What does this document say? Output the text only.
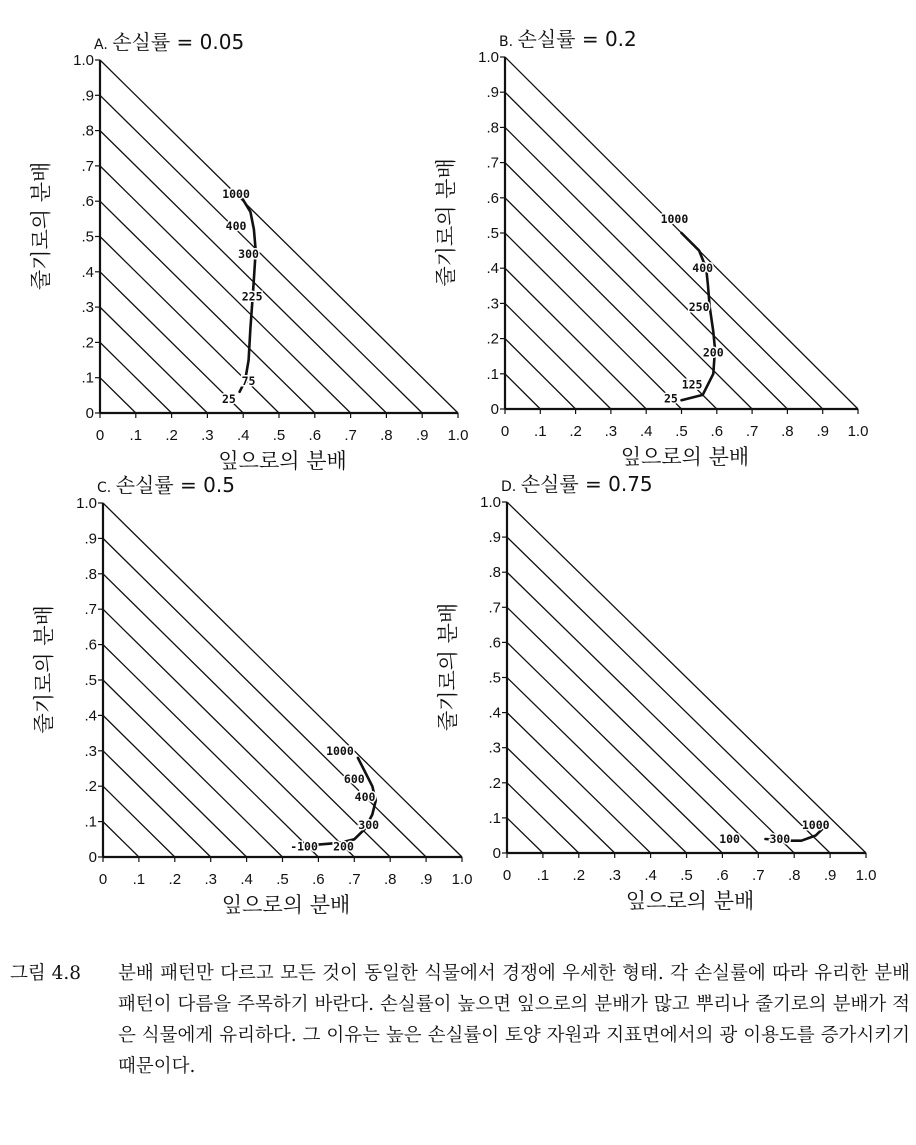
0 .1 .2 .3 .4 .5 .6 .7 .8 .9 1.0
0
.1
.2
.3
.4
.5
.6
.7
.8
.9
1.0
A. 손실률 = 0.05
잎으로의 분배
줄기로의 분배
25
75
225
300
400
1000
0 .1 .2 .3 .4 .5 .6 .7 .8 .9 1.0
0
.1
.2
.3
.4
.5
.6
.7
.8
.9
1.0
B. 손실률 = 0.2
잎으로의 분배
줄기로의 분배
25
125
200
250
400
1000
0 .1 .2 .3 .4 .5 .6 .7 .8 .9 1.0
0
.1
.2
.3
.4
.5
.6
.7
.8
.9
1.0
C. 손실률 = 0.5
잎으로의 분배
줄기로의 분배
-100 200
300
400
600
1000
0 .1 .2 .3 .4 .5 .6 .7 .8 .9 1.0
0
.1
.2
.3
.4
.5
.6
.7
.8
.9
1.0
D. 손실률 = 0.75
잎으로의 분배
줄기로의 분배
100	300
1000
그림 4.8	분배 패턴만 다르고 모든 것이 동일한 식물에서 경쟁에 우세한 형태. 각 손실률에 따라 유리한 분배 패턴이 다름을 주목하기 바란다. 손실률이 높으면 잎으로의 분배가 많고 뿌리나 줄기로의 분배가 적은 식물에게 유리하다. 그 이유는 높은 손실률이 토양 자원과 지표면에서의 광 이용도를 증가시키기 때문이다.
